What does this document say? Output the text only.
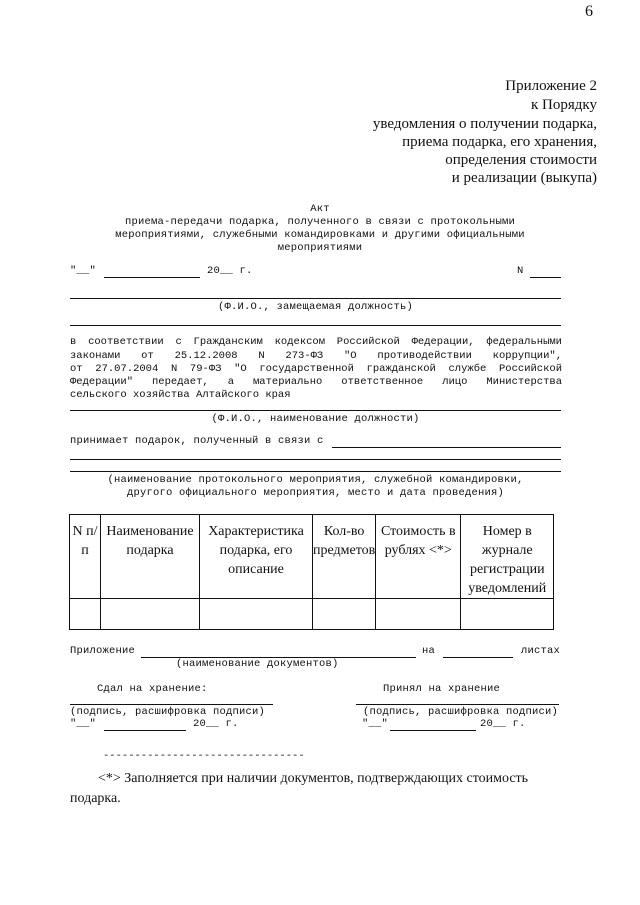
6
Приложение 2
к Порядку
уведомления о получении подарка,
приема подарка, его хранения,
определения стоимости
и реализации (выкупа)
Акт
приема-передачи подарка, полученного в связи с протокольными
мероприятиями, служебными командировками и другими официальными
мероприятиями
"__"	20__ г.	N
(Ф.И.О., замещаемая должность)
в соответствии с Гражданским кодексом Российской Федерации, федеральными
законами от 25.12.2008 N 273-ФЗ "О противодействии коррупции",
от 27.07.2004 N 79-ФЗ "О государственной гражданской службе Российской
Федерации" передает, а материально ответственное лицо Министерства
сельского хозяйства Алтайского края
(Ф.И.О., наименование должности)
принимает подарок, полученный в связи с
(наименование протокольного мероприятия, служебной командировки,
другого официального мероприятия, место и дата проведения)
N п/п	Наименование подарка	Характеристика подарка, его описание	Кол-во предметов	Стоимость в рублях <*>	Номер в журнале регистрации уведомлений

Приложение	на	листах
(наименование документов)
Сдал на хранение:
(подпись, расшифровка подписи)
"__"	20__ г.
Принял на хранение
(подпись, расшифровка подписи)
"__"	20__ г.
--------------------------------
<*> Заполняется при наличии документов, подтверждающих стоимость подарка.
